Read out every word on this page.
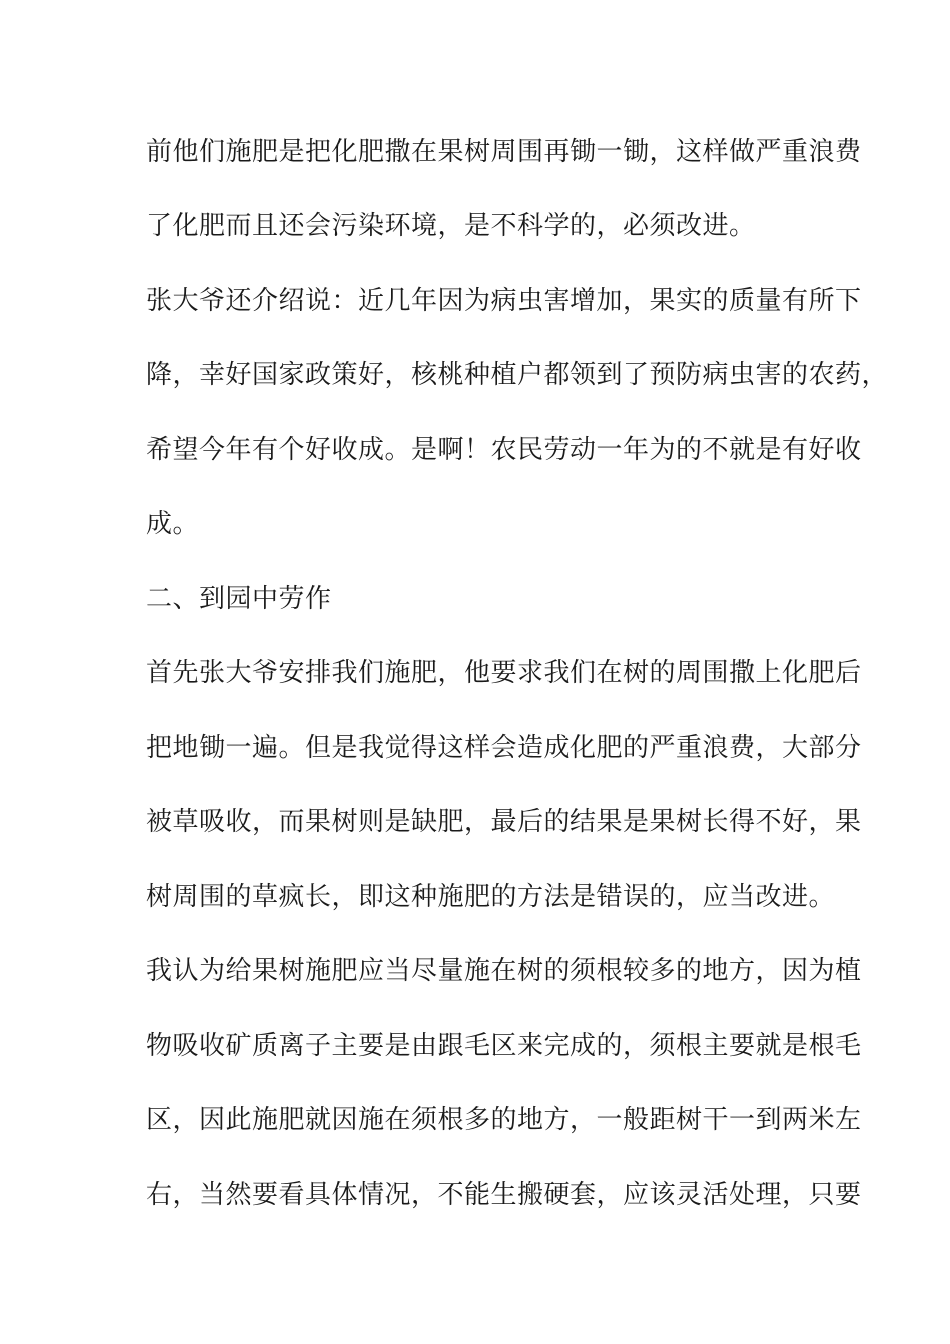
前他们施肥是把化肥撒在果树周围再锄一锄，这样做严重浪费
了化肥而且还会污染环境，是不科学的，必须改进。
张大爷还介绍说：近几年因为病虫害增加，果实的质量有所下
降，幸好国家政策好，核桃种植户都领到了预防病虫害的农药，
希望今年有个好收成。是啊！农民劳动一年为的不就是有好收
成。
二、到园中劳作
首先张大爷安排我们施肥，他要求我们在树的周围撒上化肥后
把地锄一遍。但是我觉得这样会造成化肥的严重浪费，大部分
被草吸收，而果树则是缺肥，最后的结果是果树长得不好，果
树周围的草疯长，即这种施肥的方法是错误的，应当改进。
我认为给果树施肥应当尽量施在树的须根较多的地方，因为植
物吸收矿质离子主要是由跟毛区来完成的，须根主要就是根毛
区，因此施肥就因施在须根多的地方，一般距树干一到两米左
右，当然要看具体情况，不能生搬硬套，应该灵活处理，只要
